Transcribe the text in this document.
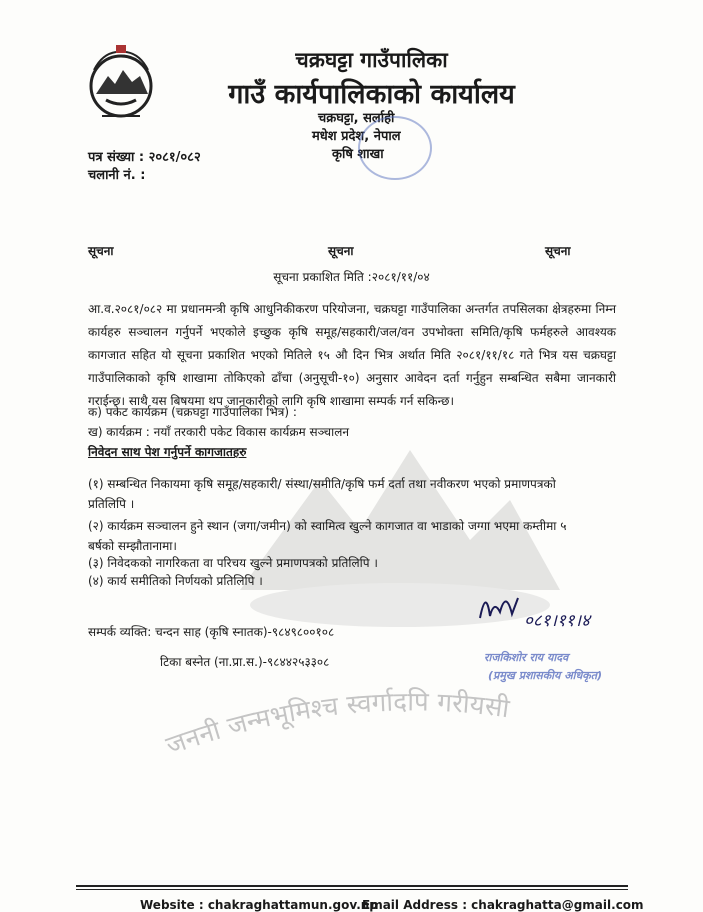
चक्रघट्टा गाउँपालिका
गाउँ कार्यपालिकाको कार्यालय
चक्रघट्टा, सर्लाही
मधेश प्रदेश, नेपाल
कृषि शाखा
पत्र संख्या : २०८१/०८२
चलानी नं. :
सूचना	सूचना	सूचना
सूचना प्रकाशित मिति :२०८१/११/०४
जननी जन्मभूमिश्च स्वर्गादपि गरीयसी
आ.व.२०८१/०८२ मा प्रधानमन्त्री कृषि आधुनिकीकरण परियोजना, चक्रघट्टा गाउँपालिका अन्तर्गत तपसिलका क्षेत्रहरुमा निम्न कार्यहरु सञ्चालन गर्नुपर्ने भएकोले इच्छुक कृषि समूह/सहकारी/जल/वन उपभोक्ता समिति/कृषि फर्महरुले आवश्यक कागजात सहित यो सूचना प्रकाशित भएको मितिले १५ औ दिन भित्र अर्थात मिति २०८१/११/१८ गते भित्र यस चक्रघट्टा गाउँपालिकाको कृषि शाखामा तोकिएको ढाँचा (अनुसूची-१०) अनुसार आवेदन दर्ता गर्नुहुन सम्बन्धित सबैमा जानकारी गराईन्छ। साथै यस बिषयमा थप जानकारीको लागि कृषि शाखामा सम्पर्क गर्न सकिन्छ।
क) पकेट कार्यक्रम (चक्रघट्टा गाउँपालिका भित्र) :
ख) कार्यक्रम : नयाँ तरकारी पकेट विकास कार्यक्रम सञ्चालन
निवेदन साथ पेश गर्नुपर्ने कागजातहरु
(१) सम्बन्धित निकायमा कृषि समूह/सहकारी/ संस्था/समीति/कृषि फर्म दर्ता तथा नवीकरण भएको प्रमाणपत्रको
प्रतिलिपि ।
(२) कार्यक्रम सञ्चालन हुने स्थान (जगा/जमीन) को स्वामित्व खुल्ने कागजात वा भाडाको जग्गा भएमा कम्तीमा ५
बर्षको सम्झौतानामा।
(३) निवेदकको नागरिकता वा परिचय खुल्ने प्रमाणपत्रको प्रतिलिपि ।
(४) कार्य समीतिको निर्णयको प्रतिलिपि ।
सम्पर्क व्यक्ति: चन्दन साह (कृषि स्नातक)-९८४९८००१०८
टिका बस्नेत (ना.प्रा.स.)-९८४४२५३३०८
०८१।११।४
राजकिशोर राय यादव
(प्रमुख प्रशासकीय अधिकृत)
Website : chakraghattamun.gov.np
Email Address : chakraghatta@gmail.com
